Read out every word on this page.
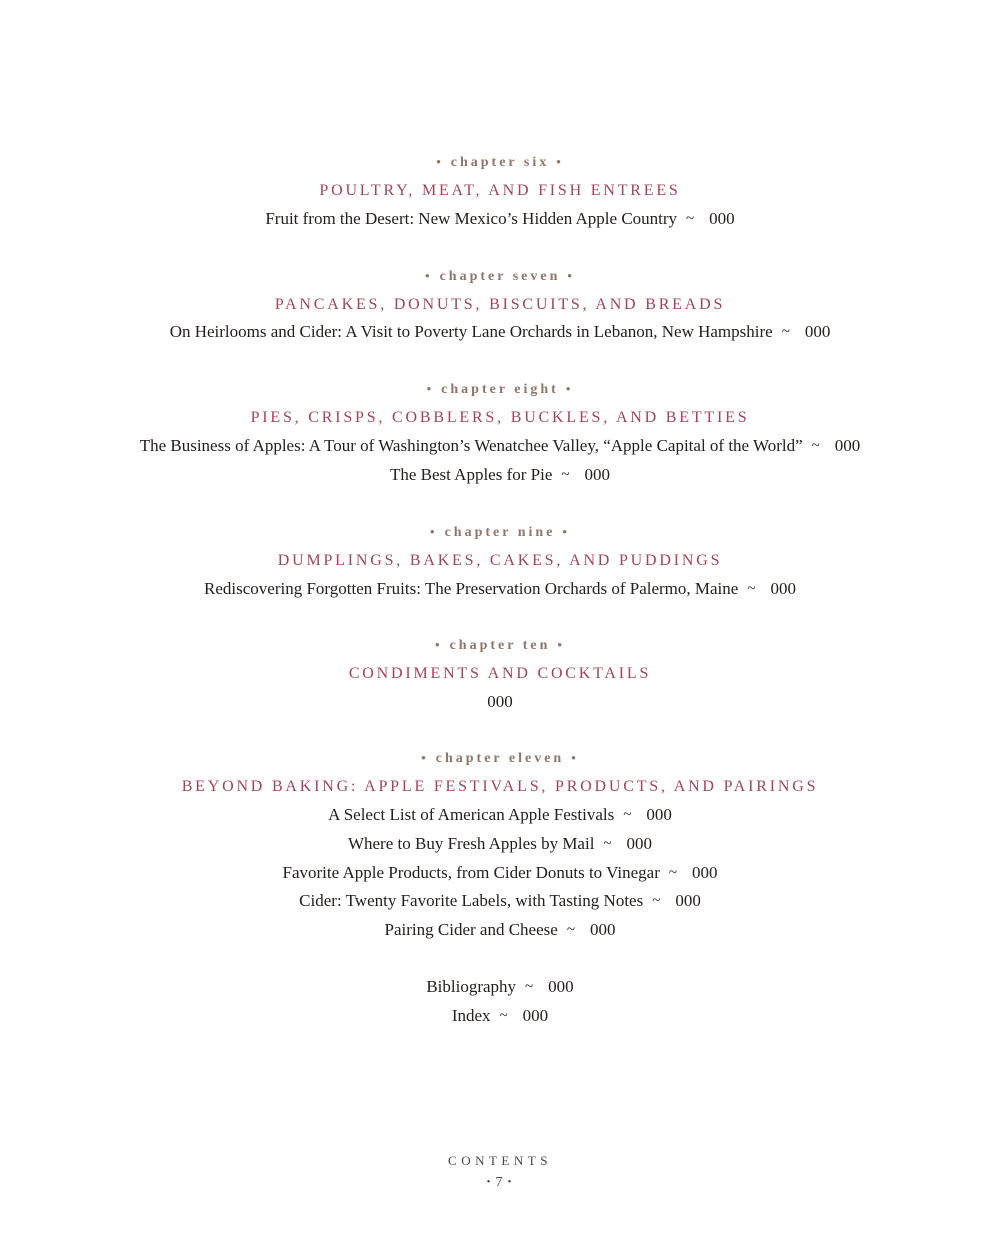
• chapter six •

POULTRY, MEAT, AND FISH ENTREES

Fruit from the Desert: New Mexico’s Hidden Apple Country ~ 000

• chapter seven •

PANCAKES, DONUTS, BISCUITS, AND BREADS

On Heirlooms and Cider: A Visit to Poverty Lane Orchards in Lebanon, New Hampshire ~ 000

• chapter eight •

PIES, CRISPS, COBBLERS, BUCKLES, AND BETTIES

The Business of Apples: A Tour of Washington’s Wenatchee Valley, “Apple Capital of the World” ~ 000

The Best Apples for Pie ~ 000

• chapter nine •

DUMPLINGS, BAKES, CAKES, AND PUDDINGS

Rediscovering Forgotten Fruits: The Preservation Orchards of Palermo, Maine ~ 000

• chapter ten •

CONDIMENTS AND COCKTAILS

000

• chapter eleven •

BEYOND BAKING: APPLE FESTIVALS, PRODUCTS, AND PAIRINGS

A Select List of American Apple Festivals ~ 000

Where to Buy Fresh Apples by Mail ~ 000

Favorite Apple Products, from Cider Donuts to Vinegar ~ 000

Cider: Twenty Favorite Labels, with Tasting Notes ~ 000

Pairing Cider and Cheese ~ 000

Bibliography ~ 000

Index ~ 000

CONTENTS
• 7 •
